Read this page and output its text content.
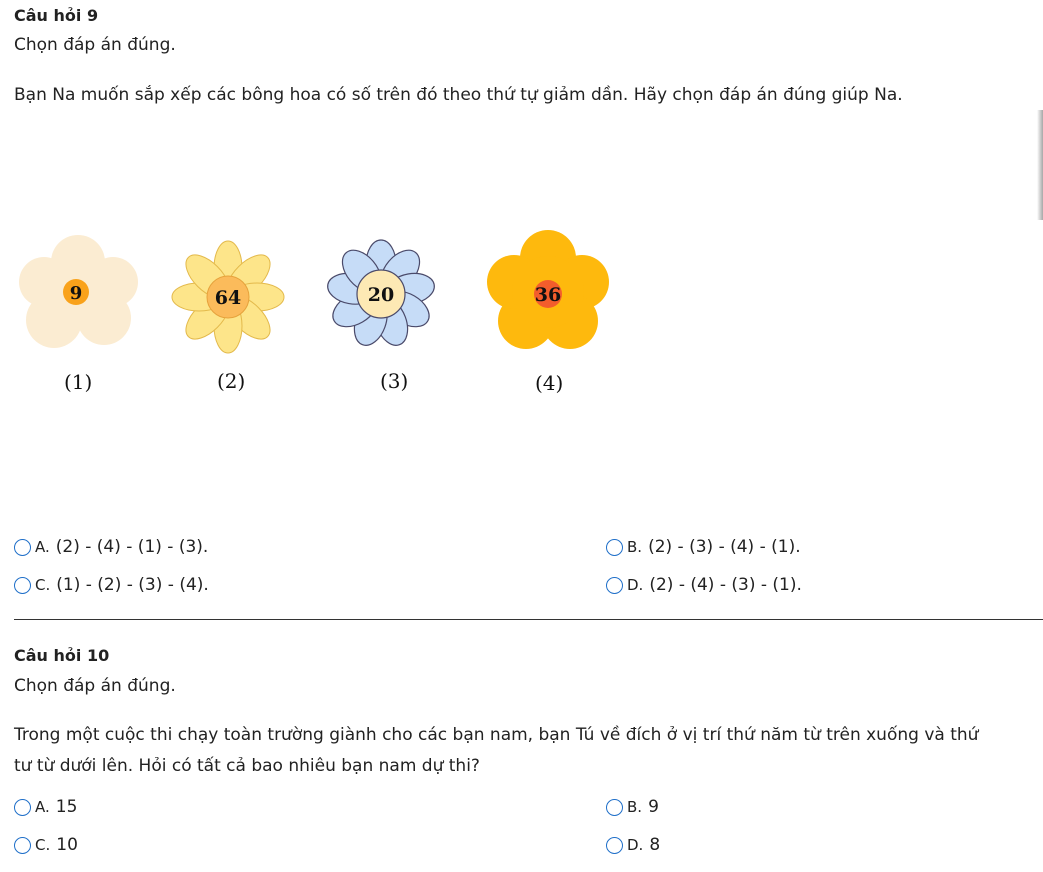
Câu hỏi 9
Chọn đáp án đúng.
Bạn Na muốn sắp xếp các bông hoa có số trên đó theo thứ tự giảm dần. Hãy chọn đáp án đúng giúp Na.
9
(1)
64
(2)
20
(3)
36
(4)
A. (2) - (4) - (1) - (3).	B. (2) - (3) - (4) - (1).
C. (1) - (2) - (3) - (4).	D. (2) - (4) - (3) - (1).
Câu hỏi 10
Chọn đáp án đúng.
Trong một cuộc thi chạy toàn trường giành cho các bạn nam, bạn Tú về đích ở vị trí thứ năm từ trên xuống và thứ
tư từ dưới lên. Hỏi có tất cả bao nhiêu bạn nam dự thi?
A. 15	B. 9
C. 10	D. 8
